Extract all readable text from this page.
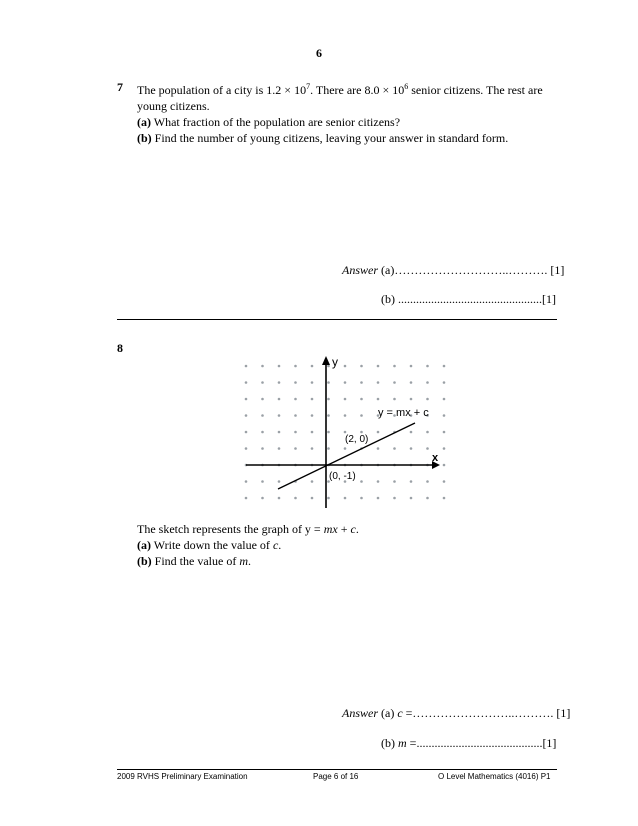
6
7 The population of a city is $1.2 \times 10^7$. There are $8.0 \times 10^6$ senior citizens. The rest are
young citizens.
(a) What fraction of the population are senior citizens?
(b) Find the number of young citizens, leaving your answer in standard form.
Answer (a)………………………..………. [1]
(b) ................................................[1]
8
y
x
y = mx + c
(2, 0)
(0, -1)
The sketch represents the graph of y = mx + c.
(a) Write down the value of c.
(b) Find the value of m.
Answer (a) c =……………………..………. [1]
(b) m =..........................................[1]
2009 RVHS Preliminary Examination	Page 6 of 16	O Level Mathematics (4016) P1
